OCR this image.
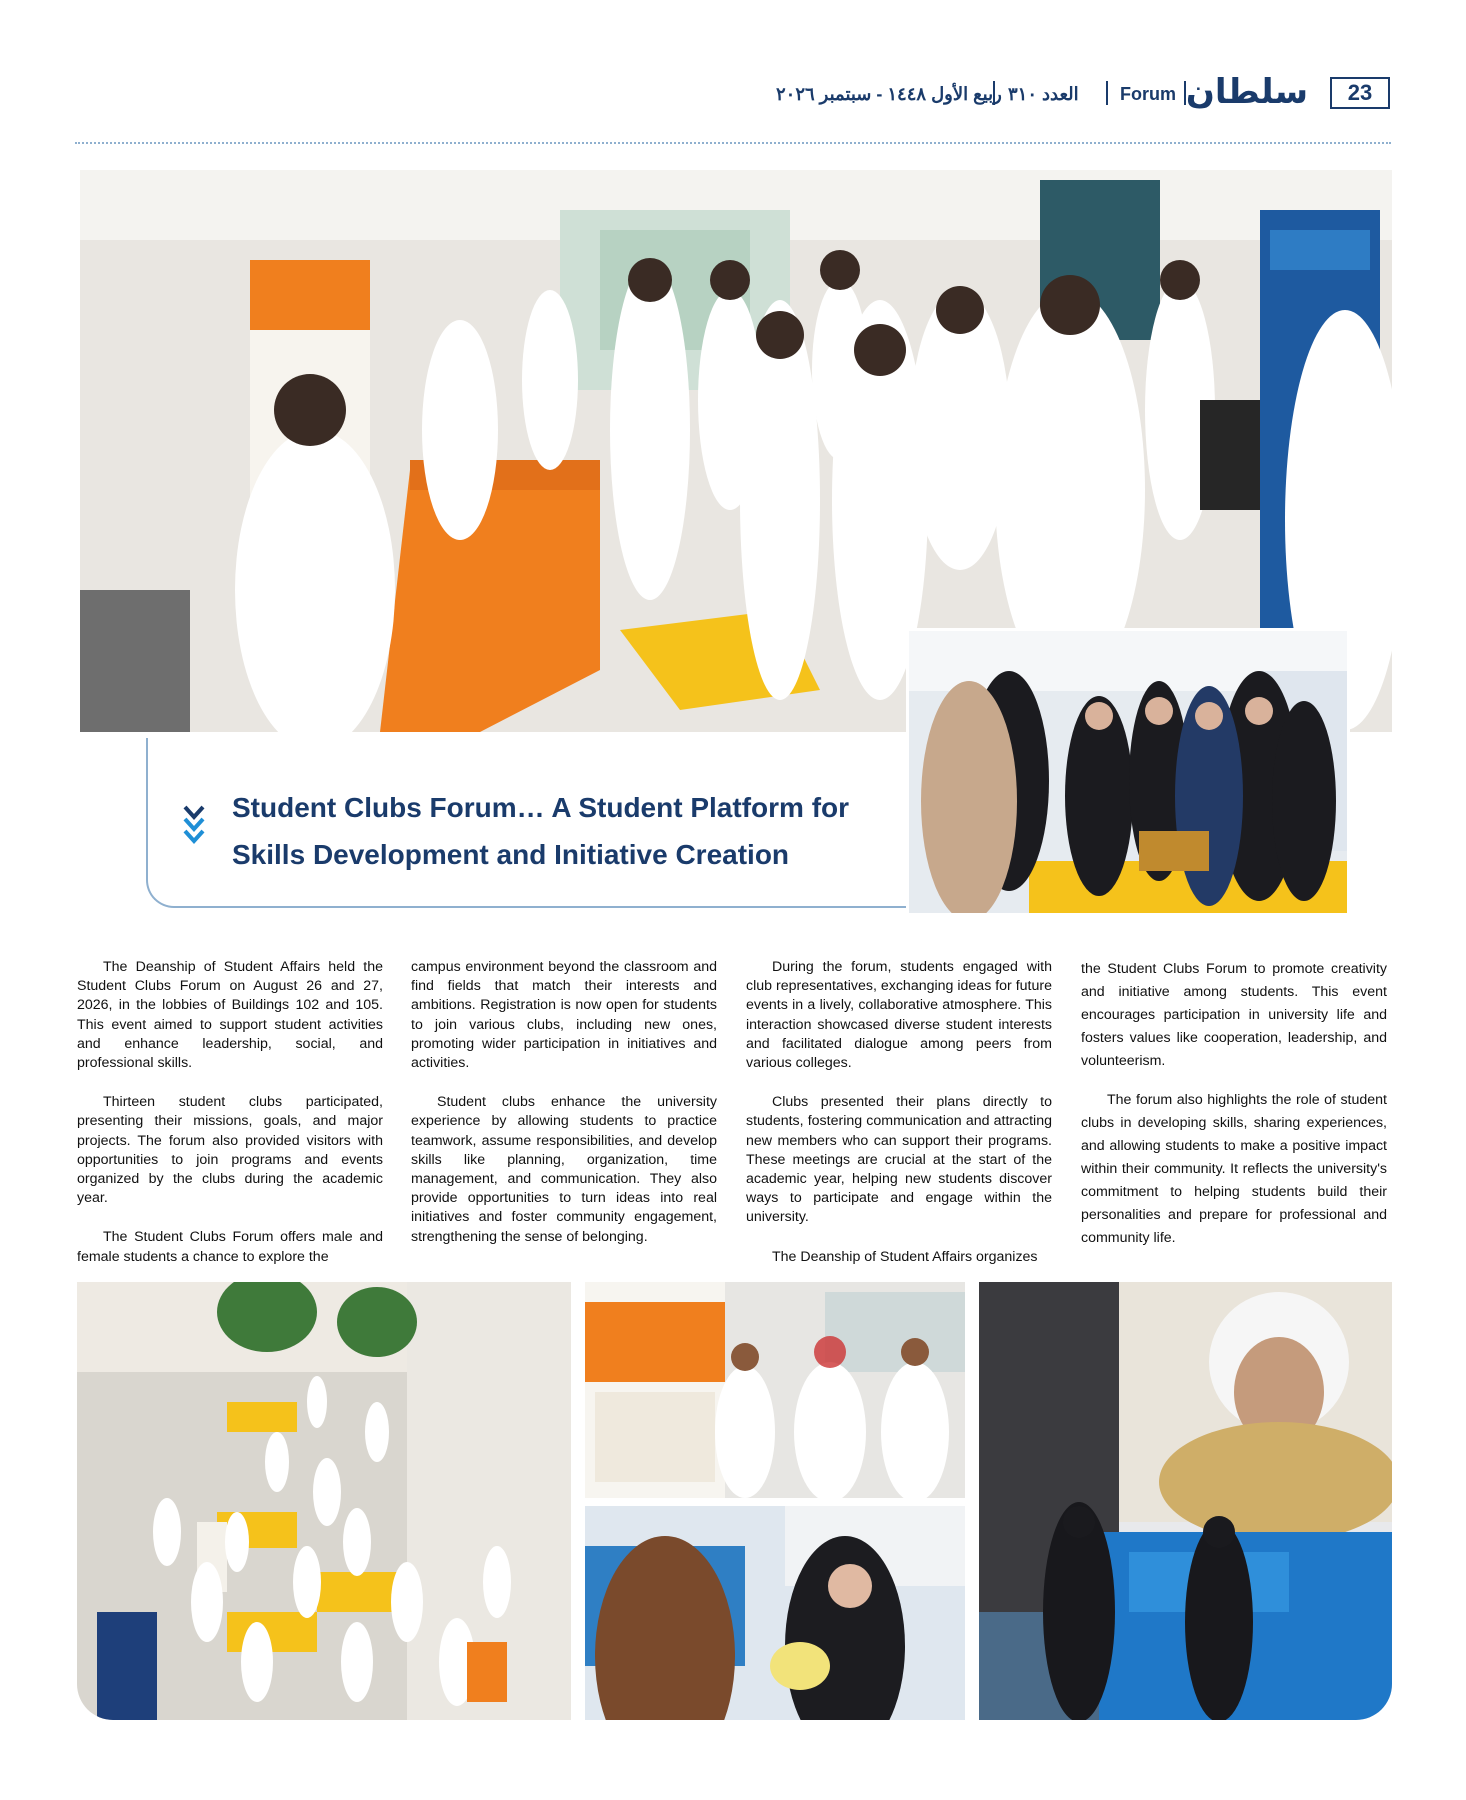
23
سلطان
Forum
العدد ٣١٠
ربيع الأول ١٤٤٨ - سبتمبر ٢٠٢٦
Student Clubs Forum… A Student Platform for
Skills Development and Initiative Creation

The Deanship of Student Affairs held the Student Clubs Forum on August 26 and 27, 2026, in the lobbies of Buildings 102 and 105. This event aimed to support student activities and enhance leadership, social, and professional skills.

Thirteen student clubs participated, presenting their missions, goals, and major projects. The forum also provided visitors with opportunities to join programs and events organized by the clubs during the academic year.

The Student Clubs Forum offers male and female students a chance to explore the

campus environment beyond the classroom and find fields that match their interests and ambitions. Registration is now open for students to join various clubs, including new ones, promoting wider participation in initiatives and activities.

Student clubs enhance the university experience by allowing students to practice teamwork, assume responsibilities, and develop skills like planning, organization, time management, and communication. They also provide opportunities to turn ideas into real initiatives and foster community engagement, strengthening the sense of belonging.

During the forum, students engaged with club representatives, exchanging ideas for future events in a lively, collaborative atmosphere. This interaction showcased diverse student interests and facilitated dialogue among peers from various colleges.

Clubs presented their plans directly to students, fostering communication and attracting new members who can support their programs. These meetings are crucial at the start of the academic year, helping new students discover ways to participate and engage within the university.

The Deanship of Student Affairs organizes

the Student Clubs Forum to promote creativity and initiative among students. This event encourages participation in university life and fosters values like cooperation, leadership, and volunteerism.

The forum also highlights the role of student clubs in developing skills, sharing experiences, and allowing students to make a positive impact within their community. It reflects the university's commitment to helping students build their personalities and prepare for professional and community life.
